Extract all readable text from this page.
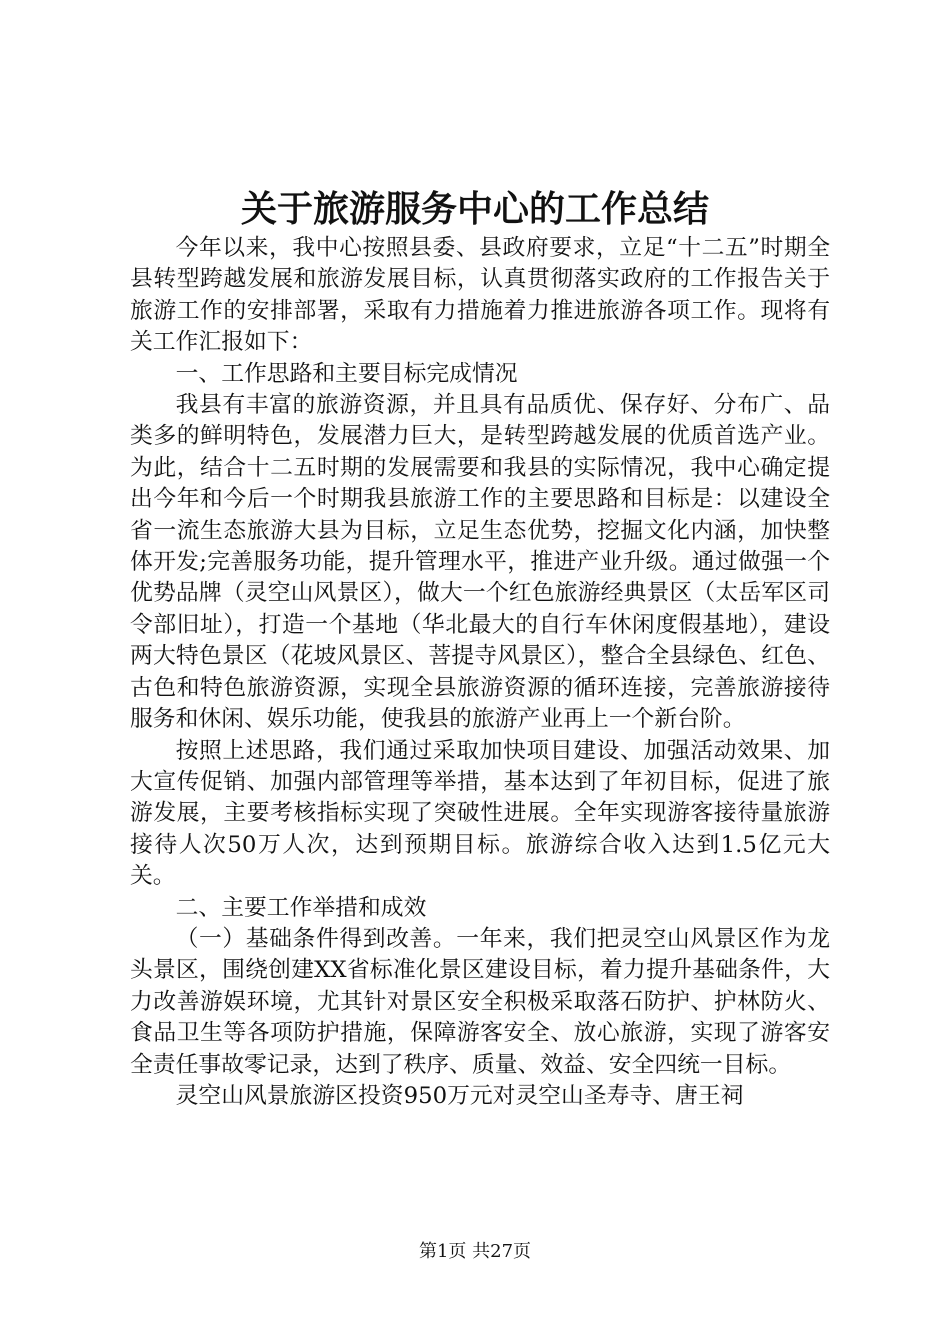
关于旅游服务中心的工作总结

今年以来，我中心按照县委、县政府要求，立足“十二五”时期全县转型跨越发展和旅游发展目标，认真贯彻落实政府的工作报告关于旅游工作的安排部署，采取有力措施着力推进旅游各项工作。现将有关工作汇报如下：

一、工作思路和主要目标完成情况

我县有丰富的旅游资源，并且具有品质优、保存好、分布广、品类多的鲜明特色，发展潜力巨大，是转型跨越发展的优质首选产业。为此，结合十二五时期的发展需要和我县的实际情况，我中心确定提出今年和今后一个时期我县旅游工作的主要思路和目标是：以建设全省一流生态旅游大县为目标，立足生态优势，挖掘文化内涵，加快整体开发;完善服务功能，提升管理水平，推进产业升级。通过做强一个优势品牌（灵空山风景区），做大一个红色旅游经典景区（太岳军区司令部旧址），打造一个基地（华北最大的自行车休闲度假基地），建设两大特色景区（花坡风景区、菩提寺风景区），整合全县绿色、红色、古色和特色旅游资源，实现全县旅游资源的循环连接，完善旅游接待服务和休闲、娱乐功能，使我县的旅游产业再上一个新台阶。

按照上述思路，我们通过采取加快项目建设、加强活动效果、加大宣传促销、加强内部管理等举措，基本达到了年初目标，促进了旅游发展，主要考核指标实现了突破性进展。全年实现游客接待量旅游接待人次50万人次，达到预期目标。旅游综合收入达到1.5亿元大关。

二、主要工作举措和成效

（一）基础条件得到改善。一年来，我们把灵空山风景区作为龙头景区，围绕创建XX省标准化景区建设目标，着力提升基础条件，大力改善游娱环境，尤其针对景区安全积极采取落石防护、护林防火、食品卫生等各项防护措施，保障游客安全、放心旅游，实现了游客安全责任事故零记录，达到了秩序、质量、效益、安全四统一目标。

灵空山风景旅游区投资950万元对灵空山圣寿寺、唐王祠

第1页 共27页
